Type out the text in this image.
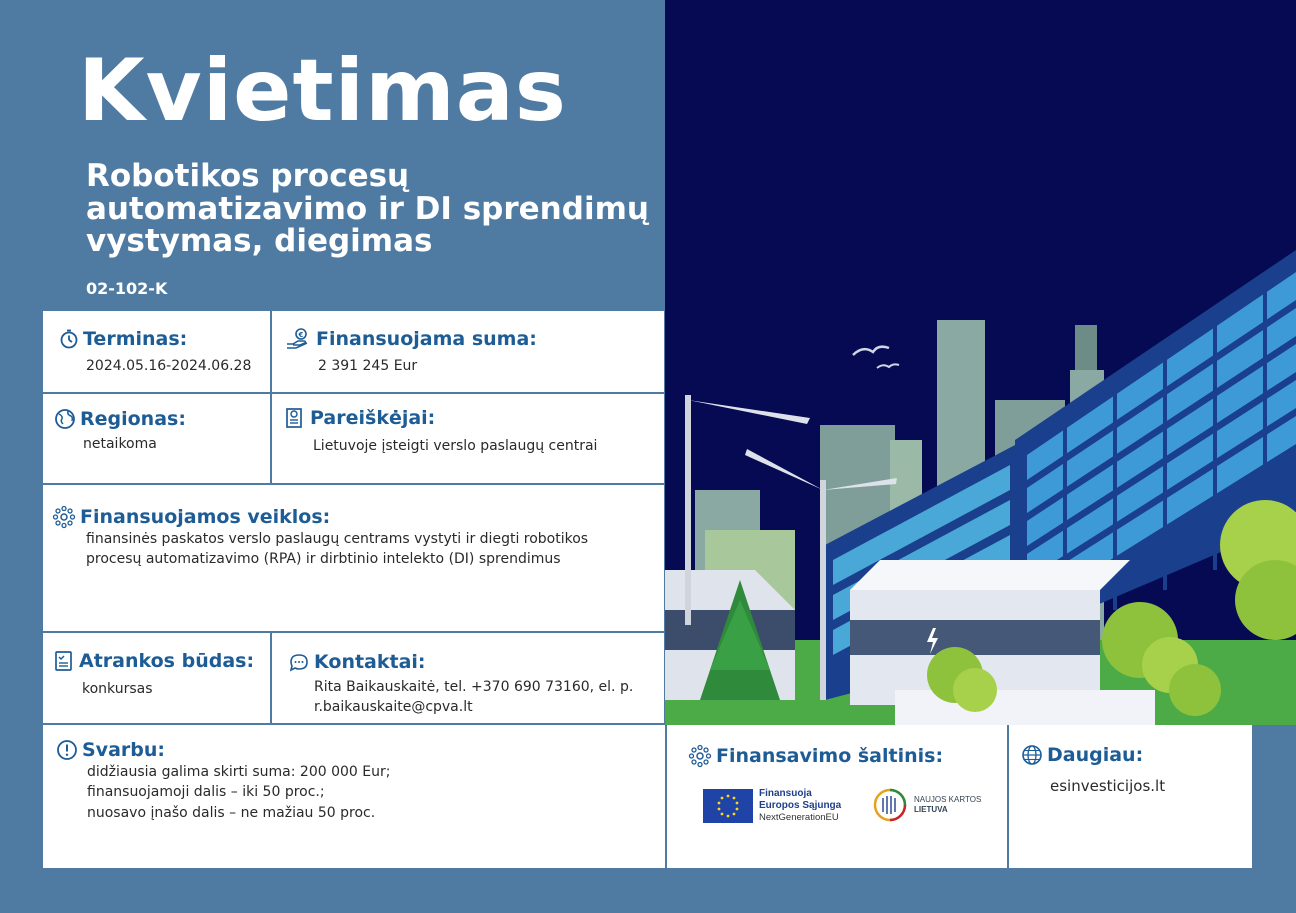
Kvietimas
Robotikos procesų automatizavimo ir DI sprendimų vystymas, diegimas
02-102-K
Terminas:
2024.05.16-2024.06.28
€ Finansuojama suma:
2 391 245 Eur
Regionas:
netaikoma
Pareiškėjai:
Lietuvoje įsteigti verslo paslaugų centrai
Finansuojamos veiklos:
finansinės paskatos verslo paslaugų centrams vystyti ir diegti robotikos procesų automatizavimo (RPA) ir dirbtinio intelekto (DI) sprendimus
Atrankos būdas:
konkursas
Kontaktai:
Rita Baikauskaitė, tel. +370 690 73160, el. p. r.baikauskaite@cpva.lt
Svarbu:
didžiausia galima skirti suma: 200 000 Eur;
finansuojamoji dalis – iki 50 proc.;
nuosavo įnašo dalis – ne mažiau 50 proc.
Finansavimo šaltinis:
Finansuoja
Europos Sąjunga
NextGenerationEU
NAUJOS KARTOS
LIETUVA
Daugiau:
esinvesticijos.lt
